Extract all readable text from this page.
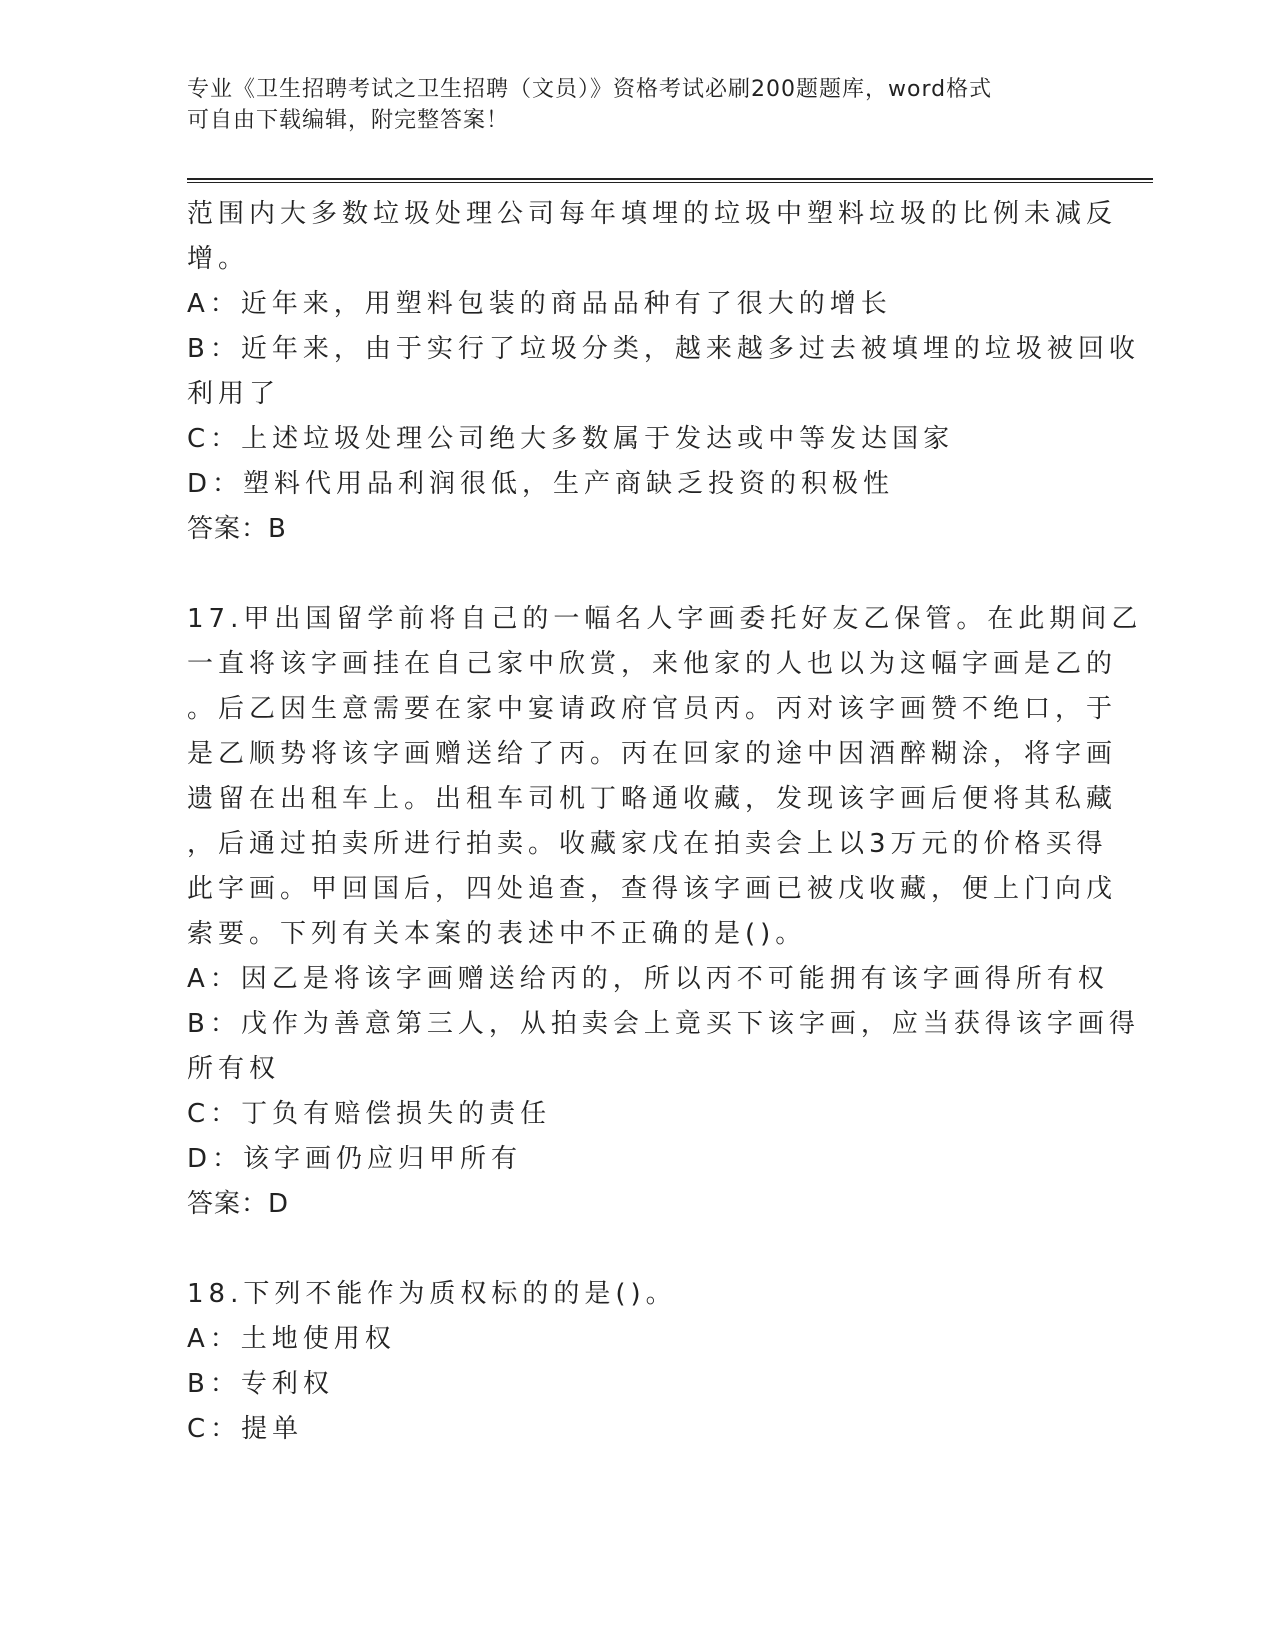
专业《卫生招聘考试之卫生招聘（文员）》资格考试必刷200题题库，word格式
可自由下载编辑，附完整答案！
范围内大多数垃圾处理公司每年填埋的垃圾中塑料垃圾的比例未减反
增。
A：近年来，用塑料包装的商品品种有了很大的增长
B：近年来，由于实行了垃圾分类，越来越多过去被填埋的垃圾被回收
利用了
C：上述垃圾处理公司绝大多数属于发达或中等发达国家
D：塑料代用品利润很低，生产商缺乏投资的积极性
答案：B
17.甲出国留学前将自己的一幅名人字画委托好友乙保管。在此期间乙
一直将该字画挂在自己家中欣赏，来他家的人也以为这幅字画是乙的
。后乙因生意需要在家中宴请政府官员丙。丙对该字画赞不绝口，于
是乙顺势将该字画赠送给了丙。丙在回家的途中因酒醉糊涂，将字画
遗留在出租车上。出租车司机丁略通收藏，发现该字画后便将其私藏
，后通过拍卖所进行拍卖。收藏家戊在拍卖会上以3万元的价格买得
此字画。甲回国后，四处追查，查得该字画已被戊收藏，便上门向戊
索要。下列有关本案的表述中不正确的是()。
A：因乙是将该字画赠送给丙的，所以丙不可能拥有该字画得所有权
B：戊作为善意第三人，从拍卖会上竟买下该字画，应当获得该字画得
所有权
C：丁负有赔偿损失的责任
D：该字画仍应归甲所有
答案：D
18.下列不能作为质权标的的是()。
A：土地使用权
B：专利权
C：提单
